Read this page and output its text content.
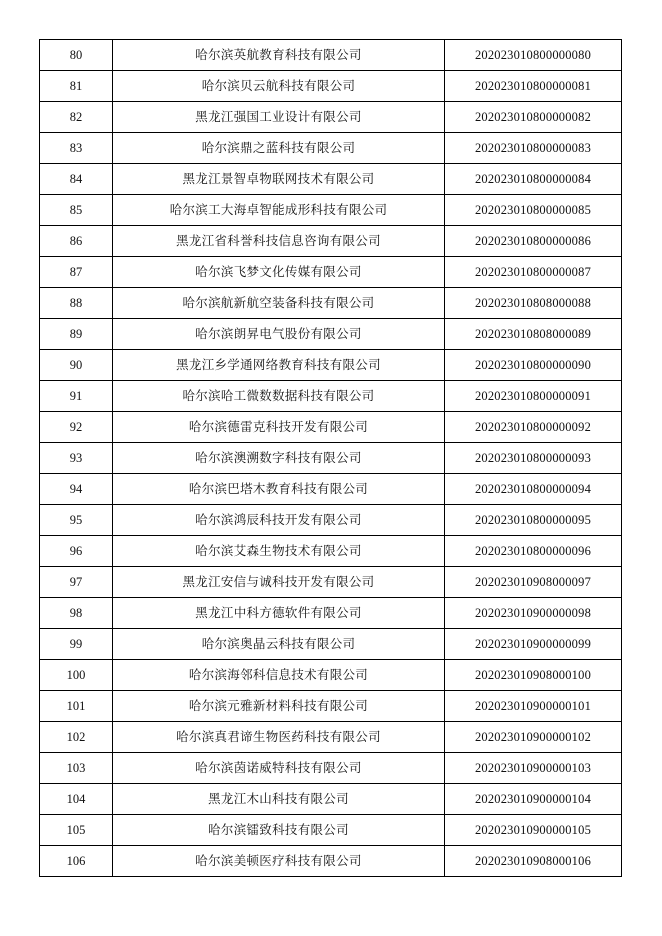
80	哈尔滨英航教育科技有限公司	202023010800000080
81	哈尔滨贝云航科技有限公司	202023010800000081
82	黑龙江强国工业设计有限公司	202023010800000082
83	哈尔滨鼎之蓝科技有限公司	202023010800000083
84	黑龙江景智卓物联网技术有限公司	202023010800000084
85	哈尔滨工大海卓智能成形科技有限公司	202023010800000085
86	黑龙江省科誉科技信息咨询有限公司	202023010800000086
87	哈尔滨飞梦文化传媒有限公司	202023010800000087
88	哈尔滨航新航空装备科技有限公司	202023010808000088
89	哈尔滨朗昇电气股份有限公司	202023010808000089
90	黑龙江乡学通网络教育科技有限公司	202023010800000090
91	哈尔滨哈工微数数据科技有限公司	202023010800000091
92	哈尔滨德雷克科技开发有限公司	202023010800000092
93	哈尔滨澳溯数字科技有限公司	202023010800000093
94	哈尔滨巴塔木教育科技有限公司	202023010800000094
95	哈尔滨鸿辰科技开发有限公司	202023010800000095
96	哈尔滨艾森生物技术有限公司	202023010800000096
97	黑龙江安信与诚科技开发有限公司	202023010908000097
98	黑龙江中科方德软件有限公司	202023010900000098
99	哈尔滨奥晶云科技有限公司	202023010900000099
100	哈尔滨海邻科信息技术有限公司	202023010908000100
101	哈尔滨元雅新材料科技有限公司	202023010900000101
102	哈尔滨真君谛生物医药科技有限公司	202023010900000102
103	哈尔滨茵诺威特科技有限公司	202023010900000103
104	黑龙江木山科技有限公司	202023010900000104
105	哈尔滨镭致科技有限公司	202023010900000105
106	哈尔滨美顿医疗科技有限公司	202023010908000106
